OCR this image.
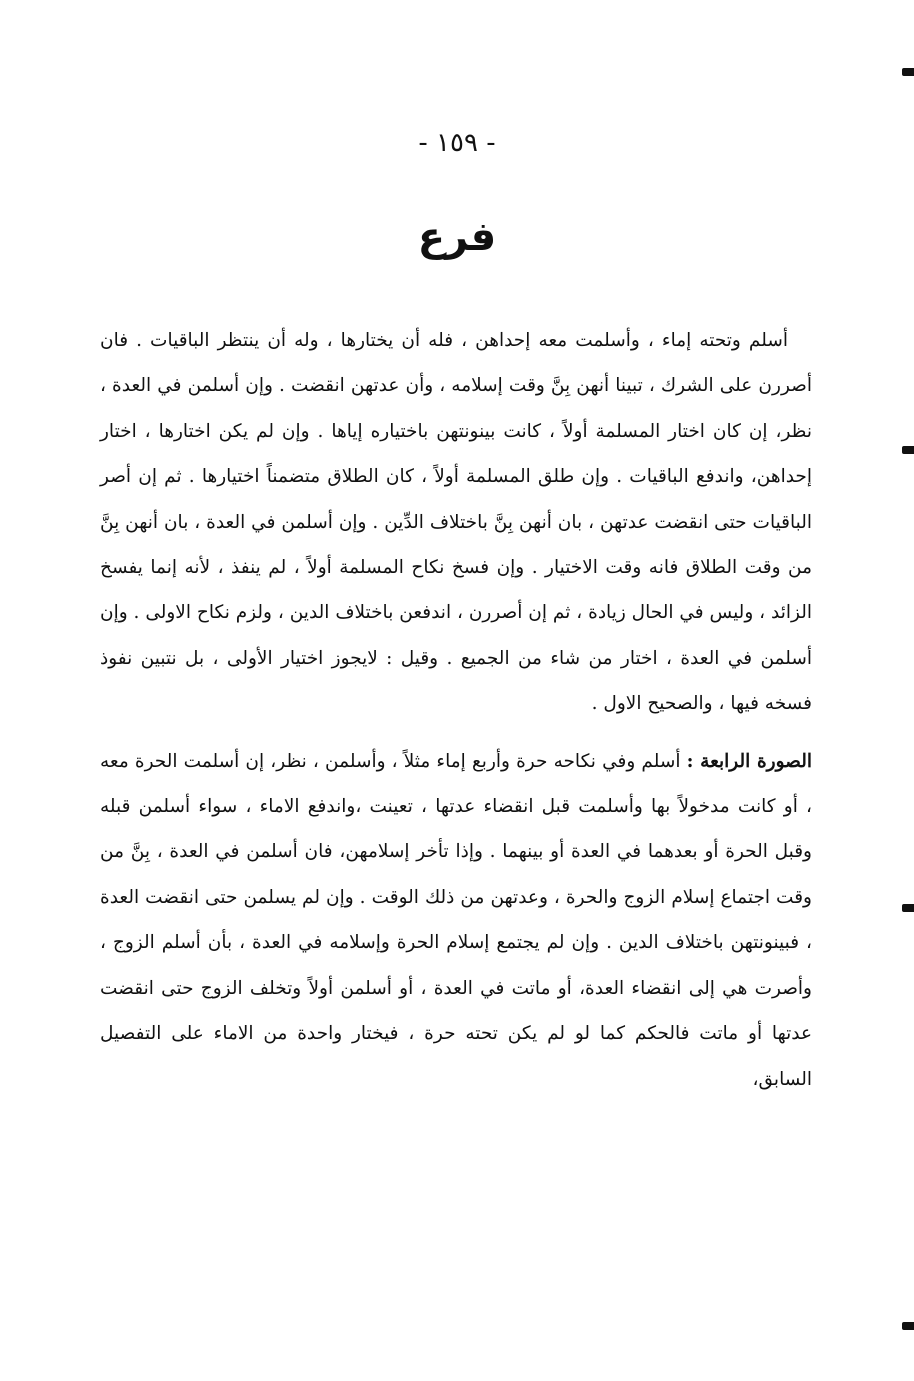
- ١٥٩ -
فرع

أسلم وتحته إماء ، وأسلمت معه إحداهن ، فله أن يختارها ، وله أن ينتظر الباقيات . فان أصررن على الشرك ، تبينا أنهن بِنَّ وقت إسلامه ، وأن عدتهن انقضت . وإن أسلمن في العدة ، نظر، إن كان اختار المسلمة أولاً ، كانت بينونتهن باختياره إياها . وإن لم يكن اختارها ، اختار إحداهن، واندفع الباقيات . وإن طلق المسلمة أولاً ، كان الطلاق متضمناً اختيارها . ثم إن أصر الباقيات حتى انقضت عدتهن ، بان أنهن بِنَّ باختلاف الدِّين . وإن أسلمن في العدة ، بان أنهن بِنَّ من وقت الطلاق فانه وقت الاختيار . وإن فسخ نكاح المسلمة أولاً ، لم ينفذ ، لأنه إنما يفسخ الزائد ، وليس في الحال زيادة ، ثم إن أصررن ، اندفعن باختلاف الدين ، ولزم نكاح الاولى . وإن أسلمن في العدة ، اختار من شاء من الجميع . وقيل : لايجوز اختيار الأولى ، بل نتبين نفوذ فسخه فيها ، والصحيح الاول .

الصورة الرابعة : أسلم وفي نكاحه حرة وأربع إماء مثلاً ، وأسلمن ، نظر، إن أسلمت الحرة معه ، أو كانت مدخولاً بها وأسلمت قبل انقضاء عدتها ، تعينت ،واندفع الاماء ، سواء أسلمن قبله وقبل الحرة أو بعدهما في العدة أو بينهما . وإذا تأخر إسلامهن، فان أسلمن في العدة ، بِنَّ من وقت اجتماع إسلام الزوج والحرة ، وعدتهن من ذلك الوقت . وإن لم يسلمن حتى انقضت العدة ، فبينونتهن باختلاف الدين . وإن لم يجتمع إسلام الحرة وإسلامه في العدة ، بأن أسلم الزوج ، وأصرت هي إلى انقضاء العدة، أو ماتت في العدة ، أو أسلمن أولاً وتخلف الزوج حتى انقضت عدتها أو ماتت فالحكم كما لو لم يكن تحته حرة ، فيختار واحدة من الاماء على التفصيل السابق،
